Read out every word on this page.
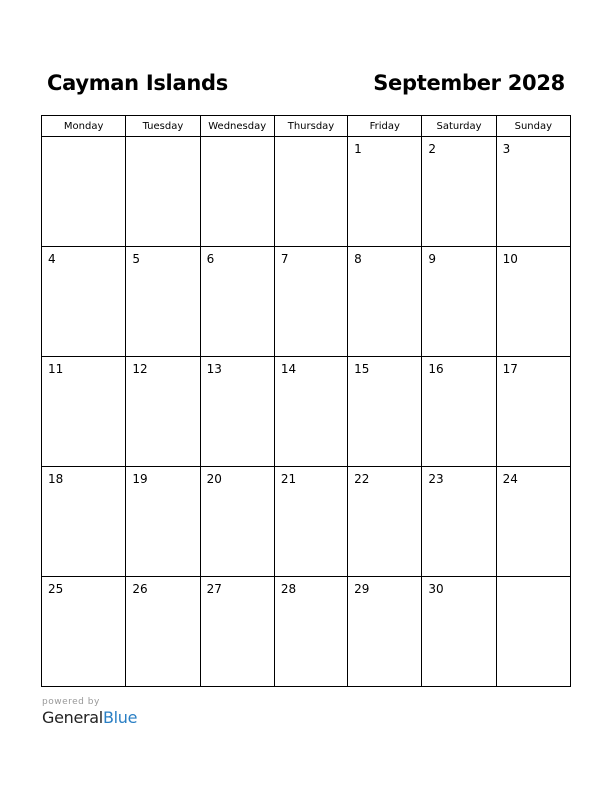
Cayman Islands	September 2028
Monday	Tuesday	Wednesday	Thursday	Friday	Saturday	Sunday

				1	2	3

4	5	6	7	8	9	10

11	12	13	14	15	16	17

18	19	20	21	22	23	24

25	26	27	28	29	30	

powered by
GeneralBlue
